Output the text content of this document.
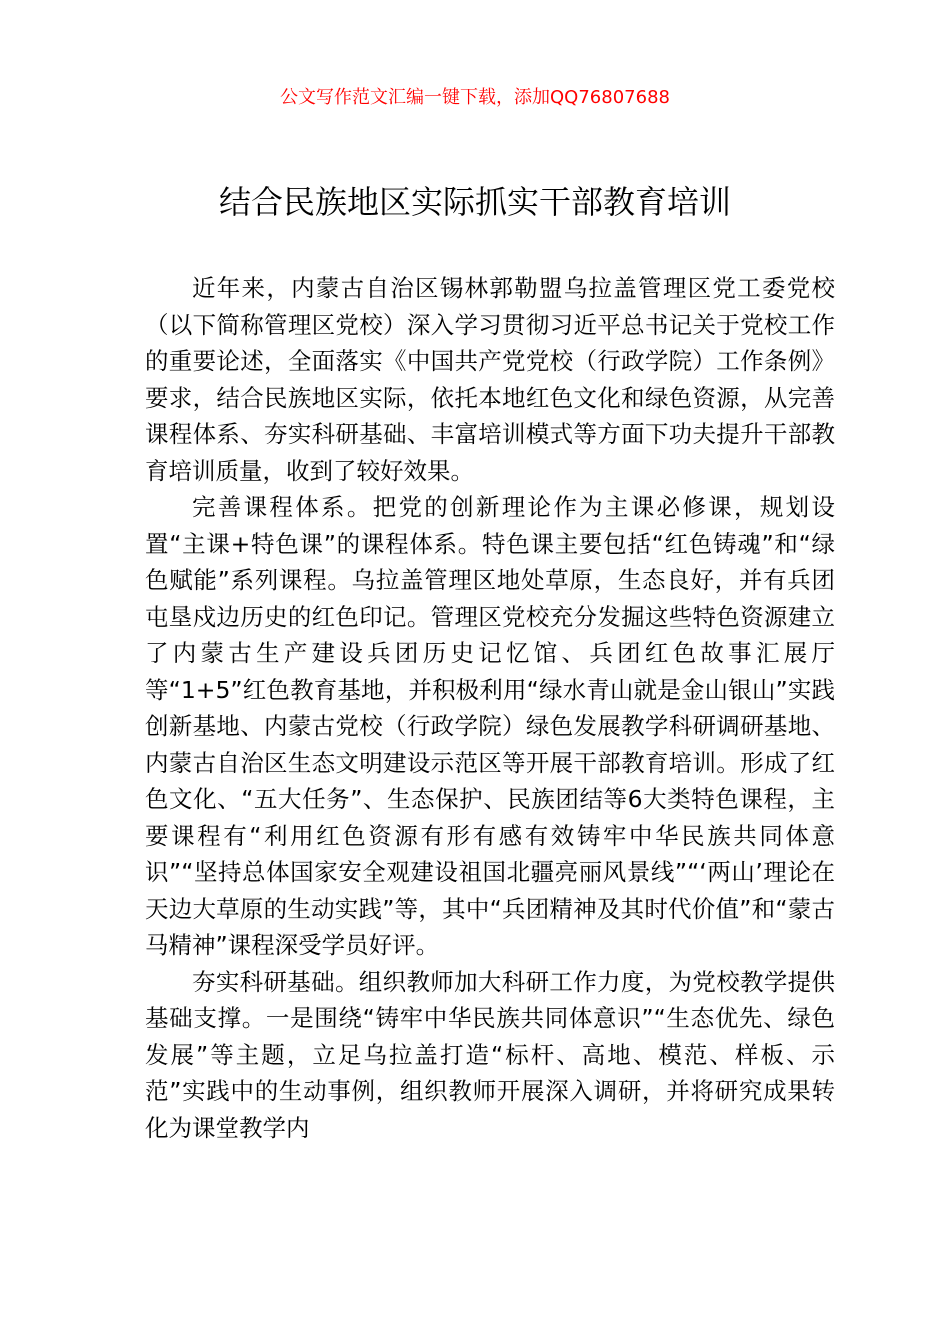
公文写作范文汇编一键下载，添加QQ76807688
结合民族地区实际抓实干部教育培训

近年来，内蒙古自治区锡林郭勒盟乌拉盖管理区党工委党校（以下简称管理区党校）深入学习贯彻习近平总书记关于党校工作的重要论述，全面落实《中国共产党党校（行政学院）工作条例》要求，结合民族地区实际，依托本地红色文化和绿色资源，从完善课程体系、夯实科研基础、丰富培训模式等方面下功夫提升干部教育培训质量，收到了较好效果。

完善课程体系。把党的创新理论作为主课必修课，规划设置“主课+特色课”的课程体系。特色课主要包括“红色铸魂”和“绿色赋能”系列课程。乌拉盖管理区地处草原，生态良好，并有兵团屯垦戍边历史的红色印记。管理区党校充分发掘这些特色资源建立了内蒙古生产建设兵团历史记忆馆、兵团红色故事汇展厅等“1+5”红色教育基地，并积极利用“绿水青山就是金山银山”实践创新基地、内蒙古党校（行政学院）绿色发展教学科研调研基地、内蒙古自治区生态文明建设示范区等开展干部教育培训。形成了红色文化、“五大任务”、生态保护、民族团结等6大类特色课程，主要课程有“利用红色资源有形有感有效铸牢中华民族共同体意识”“坚持总体国家安全观建设祖国北疆亮丽风景线”“‘两山’理论在天边大草原的生动实践”等，其中“兵团精神及其时代价值”和“蒙古马精神”课程深受学员好评。

夯实科研基础。组织教师加大科研工作力度，为党校教学提供基础支撑。一是围绕“铸牢中华民族共同体意识”“生态优先、绿色发展”等主题，立足乌拉盖打造“标杆、高地、模范、样板、示范”实践中的生动事例，组织教师开展深入调研，并将研究成果转化为课堂教学内
